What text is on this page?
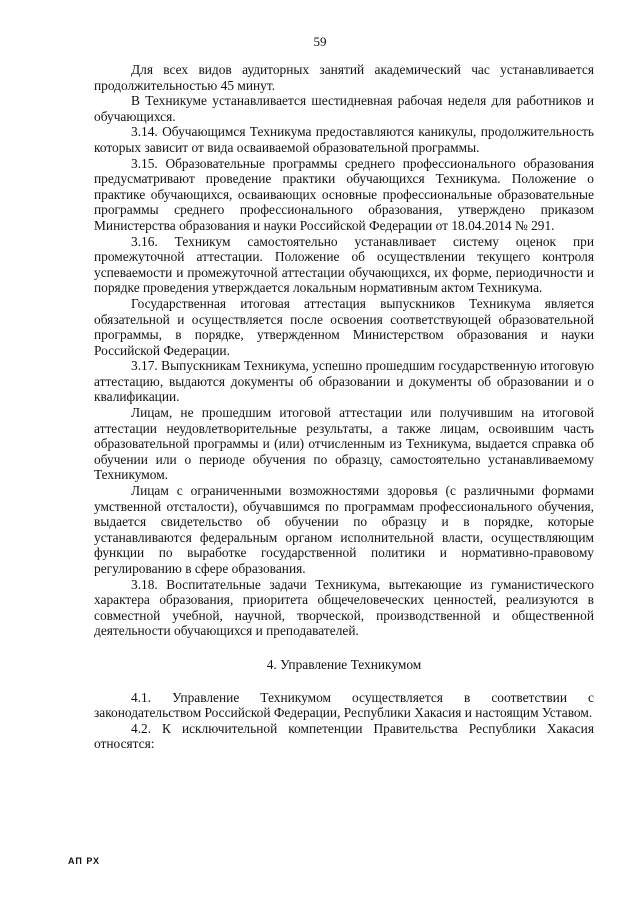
59

Для всех видов аудиторных занятий академический час устанавливается продолжительностью 45 минут.

В Техникуме устанавливается шестидневная рабочая неделя для работников и обучающихся.

3.14. Обучающимся Техникума предоставляются каникулы, продолжительность которых зависит от вида осваиваемой образовательной программы.

3.15. Образовательные программы среднего профессионального образования предусматривают проведение практики обучающихся Техникума. Положение о практике обучающихся, осваивающих основные профессиональные образовательные программы среднего профессионального образования, утверждено приказом Министерства образования и науки Российской Федерации от 18.04.2014 № 291.

3.16. Техникум самостоятельно устанавливает систему оценок при промежуточной аттестации. Положение об осуществлении текущего контроля успеваемости и промежуточной аттестации обучающихся, их форме, периодичности и порядке проведения утверждается локальным нормативным актом Техникума.

Государственная итоговая аттестация выпускников Техникума является обязательной и осуществляется после освоения соответствующей образовательной программы, в порядке, утвержденном Министерством образования и науки Российской Федерации.

3.17. Выпускникам Техникума, успешно прошедшим государственную итоговую аттестацию, выдаются документы об образовании и документы об образовании и о квалификации.

Лицам, не прошедшим итоговой аттестации или получившим на итоговой аттестации неудовлетворительные результаты, а также лицам, освоившим часть образовательной программы и (или) отчисленным из Техникума, выдается справка об обучении или о периоде обучения по образцу, самостоятельно устанавливаемому Техникумом.

Лицам с ограниченными возможностями здоровья (с различными формами умственной отсталости), обучавшимся по программам профессионального обучения, выдается свидетельство об обучении по образцу и в порядке, которые устанавливаются федеральным органом исполнительной власти, осуществляющим функции по выработке государственной политики и нормативно-правовому регулированию в сфере образования.

3.18. Воспитательные задачи Техникума, вытекающие из гуманистического характера образования, приоритета общечеловеческих ценностей, реализуются в совместной учебной, научной, творческой, производственной и общественной деятельности обучающихся и преподавателей.

4. Управление Техникумом

4.1. Управление Техникумом осуществляется в соответствии с законодательством Российской Федерации, Республики Хакасия и настоящим Уставом.

4.2. К исключительной компетенции Правительства Республики Хакасия относятся:

АП РХ
